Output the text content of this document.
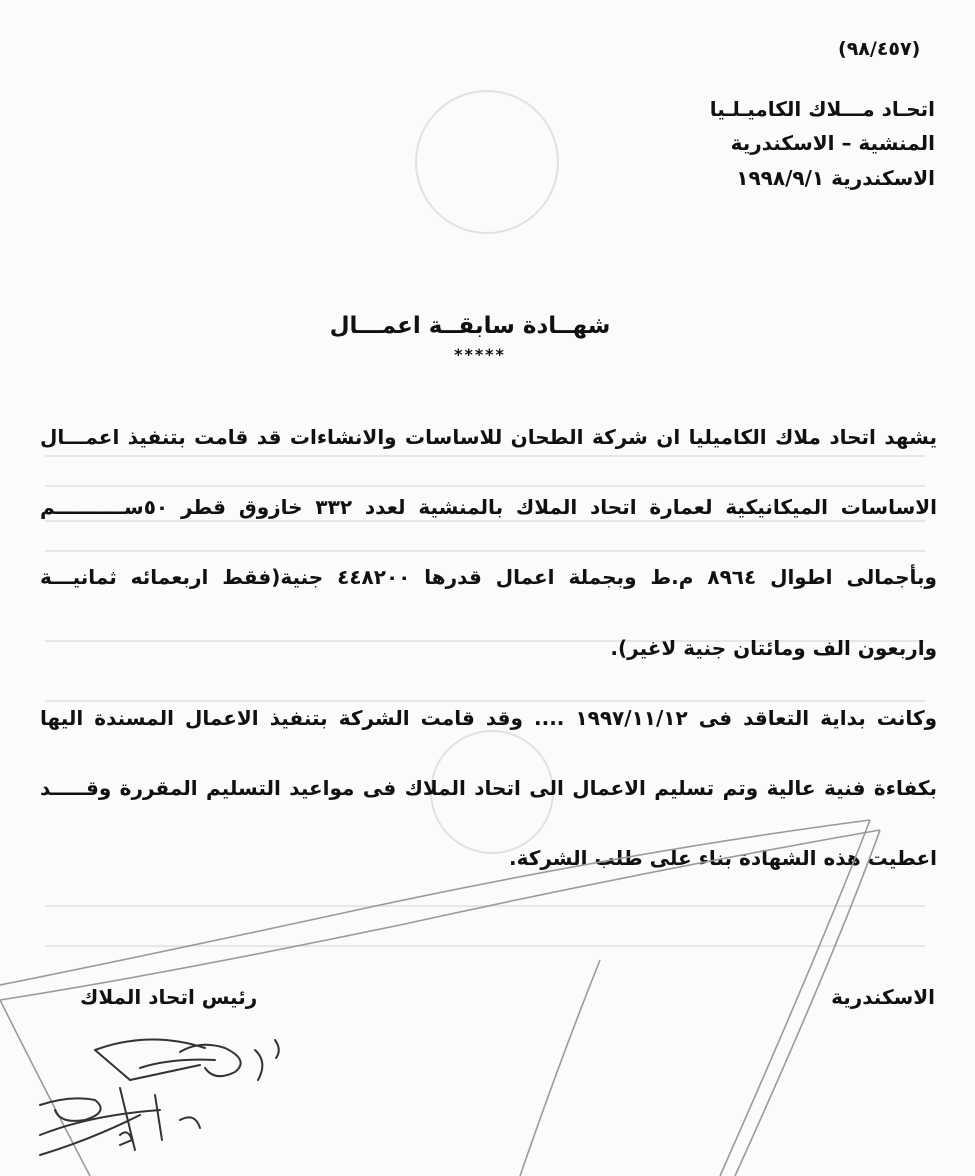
(٩٨/٤٥٧)
اتحـاد مـــلاك الكاميـلـيا
المنشية – الاسكندرية
الاسكندرية ١٩٩٨/٩/١
شهــادة سابقــة اعمـــال
*****
يشهد اتحاد ملاك الكاميليا ان شركة الطحان للاساسات والانشاءات قد قامت بتنفيذ اعمـــال
الاساسات الميكانيكية لعمارة اتحاد الملاك بالمنشية لعدد ٣٣٢ خازوق قطر ٥٠ســــــــــم
وبأجمالى اطوال ٨٩٦٤ م.ط وبجملة اعمال قدرها ٤٤٨٢٠٠ جنية(فقط اربعمائه ثمانيـــة
واربعون الف ومائتان جنية لاغير).
وكانت بداية التعاقد فى ١٩٩٧/١١/١٢ .... وقد قامت الشركة بتنفيذ الاعمال المسندة اليها
بكفاءة فنية عالية وتم تسليم الاعمال الى اتحاد الملاك فى مواعيد التسليم المقررة وقـــــد
اعطيت هذه الشهادة بناء على طلب الشركة.
الاسكندرية
رئيس اتحاد الملاك
